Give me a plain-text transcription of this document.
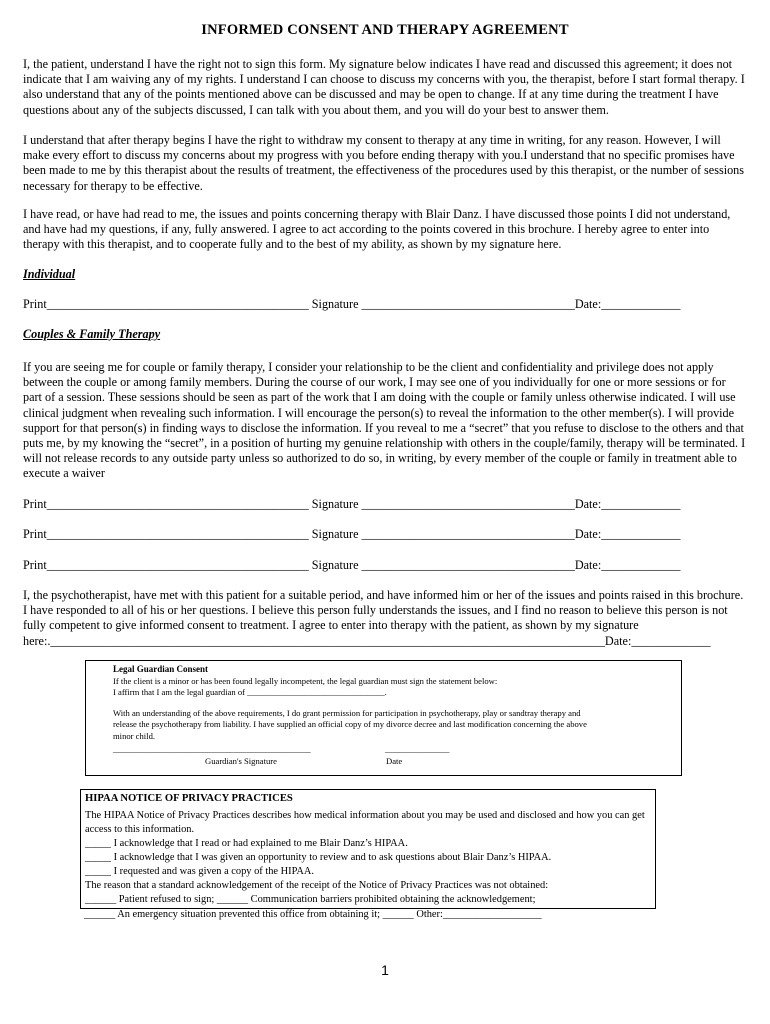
INFORMED CONSENT AND THERAPY AGREEMENT
I, the patient, understand I have the right not to sign this form. My signature below indicates I have read and discussed this agreement; it does not indicate that I am waiving any of my rights. I understand I can choose to discuss my concerns with you, the therapist, before I start formal therapy. I also understand that any of the points mentioned above can be discussed and may be open to change. If at any time during the treatment I have questions about any of the subjects discussed, I can talk with you about them, and you will do your best to answer them.
I understand that after therapy begins I have the right to withdraw my consent to therapy at any time in writing, for any reason. However, I will make every effort to discuss my concerns about my progress with you before ending therapy with you.I understand that no specific promises have been made to me by this therapist about the results of treatment, the effectiveness of the procedures used by this therapist, or the number of sessions necessary for therapy to be effective.
I have read, or have had read to me, the issues and points concerning therapy with Blair Danz. I have discussed those points I did not understand, and have had my questions, if any, fully answered. I agree to act according to the points covered in this brochure. I hereby agree to enter into therapy with this therapist, and to cooperate fully and to the best of my ability, as shown by my signature here.
Individual
Print___________________________________________ Signature ___________________________________Date:_____________
Couples & Family Therapy
If you are seeing me for couple or family therapy, I consider your relationship to be the client and confidentiality and privilege does not apply between the couple or among family members. During the course of our work, I may see one of you individually for one or more sessions or for part of a session. These sessions should be seen as part of the work that I am doing with the couple or family unless otherwise indicated. I will use clinical judgment when revealing such information. I will encourage the person(s) to reveal the information to the other member(s). I will provide support for that person(s) in finding ways to disclose the information. If you reveal to me a “secret” that you refuse to disclose to the others and that puts me, by my knowing the “secret”, in a position of hurting my genuine relationship with others in the couple/family, therapy will be terminated. I will not release records to any outside party unless so authorized to do so, in writing, by every member of the couple or family in treatment able to execute a waiver
Print___________________________________________ Signature ___________________________________Date:_____________
Print___________________________________________ Signature ___________________________________Date:_____________
Print___________________________________________ Signature ___________________________________Date:_____________
I, the psychotherapist, have met with this patient for a suitable period, and have informed him or her of the issues and points raised in this brochure. I have responded to all of his or her questions. I believe this person fully understands the issues, and I find no reason to believe this person is not fully competent to give informed consent to treatment. I agree to enter into therapy with the patient, as shown by my signature here:.___________________________________________________________________________________________Date:_____________
Legal Guardian Consent
If the client is a minor or has been found legally incompetent, the legal guardian must sign the statement below:
I affirm that I am the legal guardian of ________________________________.
With an understanding of the above requirements, I do grant permission for participation in psychotherapy, play or sandtray therapy and release the psychotherapy from liability. I have supplied an official copy of my divorce decree and last modification concerning the above minor child.
______________________________________________	_______________
Guardian's Signature	Date
HIPAA NOTICE OF PRIVACY PRACTICES
The HIPAA Notice of Privacy Practices describes how medical information about you may be used and disclosed and how you can get access to this information.
_____ I acknowledge that I read or had explained to me Blair Danz’s HIPAA.
_____ I acknowledge that I was given an opportunity to review and to ask questions about Blair Danz’s HIPAA.
_____ I requested and was given a copy of the HIPAA.
The reason that a standard acknowledgement of the receipt of the Notice of Privacy Practices was not obtained:
______ Patient refused to sign; ______ Communication barriers prohibited obtaining the acknowledgement;
______ An emergency situation prevented this office from obtaining it; ______ Other:___________________
1
